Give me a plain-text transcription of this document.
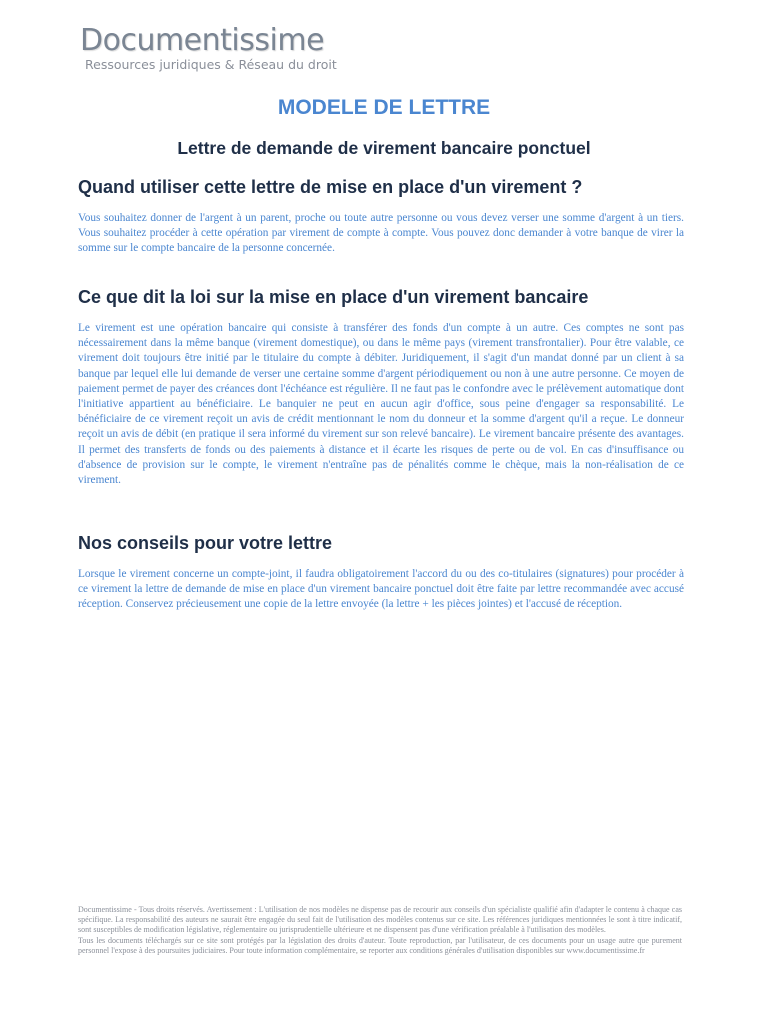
Documentissime
Ressources juridiques & Réseau du droit
MODELE DE LETTRE
Lettre de demande de virement bancaire ponctuel
Quand utiliser cette lettre de mise en place d'un virement ?

Vous souhaitez donner de l'argent à un parent, proche ou toute autre personne ou vous devez verser une somme d'argent à un tiers. Vous souhaitez procéder à cette opération par virement de compte à compte. Vous pouvez donc demander à votre banque de virer la somme sur le compte bancaire de la personne concernée.

Ce que dit la loi sur la mise en place d'un virement bancaire

Le virement est une opération bancaire qui consiste à transférer des fonds d'un compte à un autre. Ces comptes ne sont pas nécessairement dans la même banque (virement domestique), ou dans le même pays (virement transfrontalier). Pour être valable, ce virement doit toujours être initié par le titulaire du compte à débiter. Juridiquement, il s'agit d'un mandat donné par un client à sa banque par lequel elle lui demande de verser une certaine somme d'argent périodiquement ou non à une autre personne. Ce moyen de paiement permet de payer des créances dont l'échéance est régulière. Il ne faut pas le confondre avec le prélèvement automatique dont l'initiative appartient au bénéficiaire. Le banquier ne peut en aucun agir d'office, sous peine d'engager sa responsabilité. Le bénéficiaire de ce virement reçoit un avis de crédit mentionnant le nom du donneur et la somme d'argent qu'il a reçue. Le donneur reçoit un avis de débit (en pratique il sera informé du virement sur son relevé bancaire). Le virement bancaire présente des avantages. Il permet des transferts de fonds ou des paiements à distance et il écarte les risques de perte ou de vol. En cas d'insuffisance ou d'absence de provision sur le compte, le virement n'entraîne pas de pénalités comme le chèque, mais la non-réalisation de ce virement.

Nos conseils pour votre lettre

Lorsque le virement concerne un compte-joint, il faudra obligatoirement l'accord du ou des co-titulaires (signatures) pour procéder à ce virement la lettre de demande de mise en place d'un virement bancaire ponctuel doit être faite par lettre recommandée avec accusé réception. Conservez précieusement une copie de la lettre envoyée (la lettre + les pièces jointes) et l'accusé de réception.

Documentissime - Tous droits réservés. Avertissement : L'utilisation de nos modèles ne dispense pas de recourir aux conseils d'un spécialiste qualifié afin d'adapter le contenu à chaque cas spécifique. La responsabilité des auteurs ne saurait être engagée du seul fait de l'utilisation des modèles contenus sur ce site. Les références juridiques mentionnées le sont à titre indicatif, sont susceptibles de modification législative, réglementaire ou jurisprudentielle ultérieure et ne dispensent pas d'une vérification préalable à l'utilisation des modèles.
Tous les documents téléchargés sur ce site sont protégés par la législation des droits d'auteur. Toute reproduction, par l'utilisateur, de ces documents pour un usage autre que purement personnel l'expose à des poursuites judiciaires. Pour toute information complémentaire, se reporter aux conditions générales d'utilisation disponibles sur www.documentissime.fr
